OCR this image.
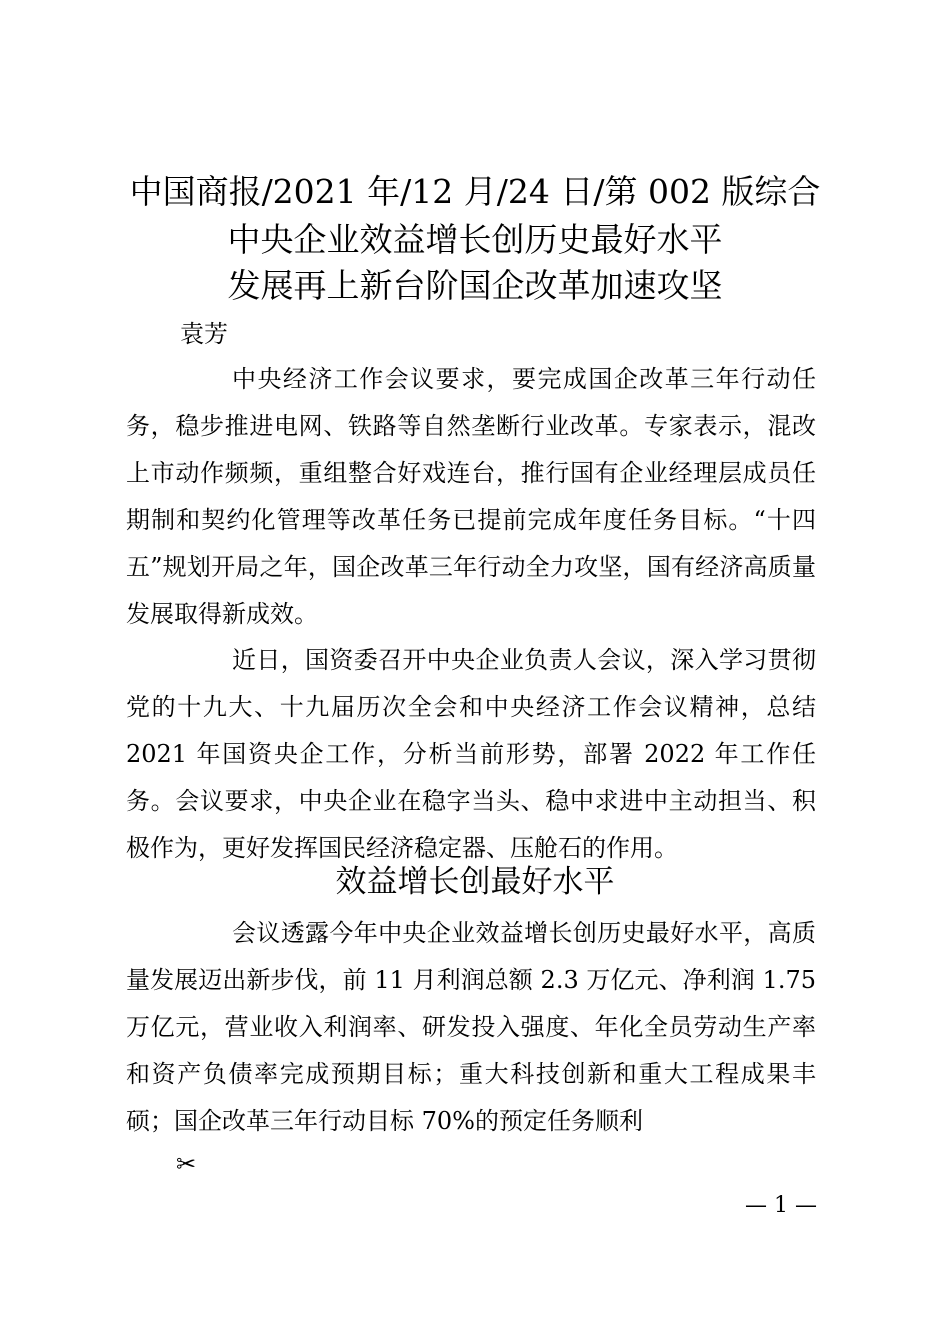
中国商报/2021 年/12 月/24 日/第 002 版综合
中央企业效益增长创历史最好水平
发展再上新台阶国企改革加速攻坚
袁芳

中央经济工作会议要求，要完成国企改革三年行动任务，稳步推进电网、铁路等自然垄断行业改革。专家表示，混改上市动作频频，重组整合好戏连台，推行国有企业经理层成员任期制和契约化管理等改革任务已提前完成年度任务目标。“十四五”规划开局之年，国企改革三年行动全力攻坚，国有经济高质量发展取得新成效。

近日，国资委召开中央企业负责人会议，深入学习贯彻党的十九大、十九届历次全会和中央经济工作会议精神，总结 2021 年国资央企工作，分析当前形势，部署 2022 年工作任务。会议要求，中央企业在稳字当头、稳中求进中主动担当、积极作为，更好发挥国民经济稳定器、压舱石的作用。

效益增长创最好水平

会议透露今年中央企业效益增长创历史最好水平，高质量发展迈出新步伐，前 11 月利润总额 2.3 万亿元、净利润 1.75 万亿元，营业收入利润率、研发投入强度、年化全员劳动生产率和资产负债率完成预期目标；重大科技创新和重大工程成果丰硕；国企改革三年行动目标 70%的预定任务顺利

✂
— 1 —
